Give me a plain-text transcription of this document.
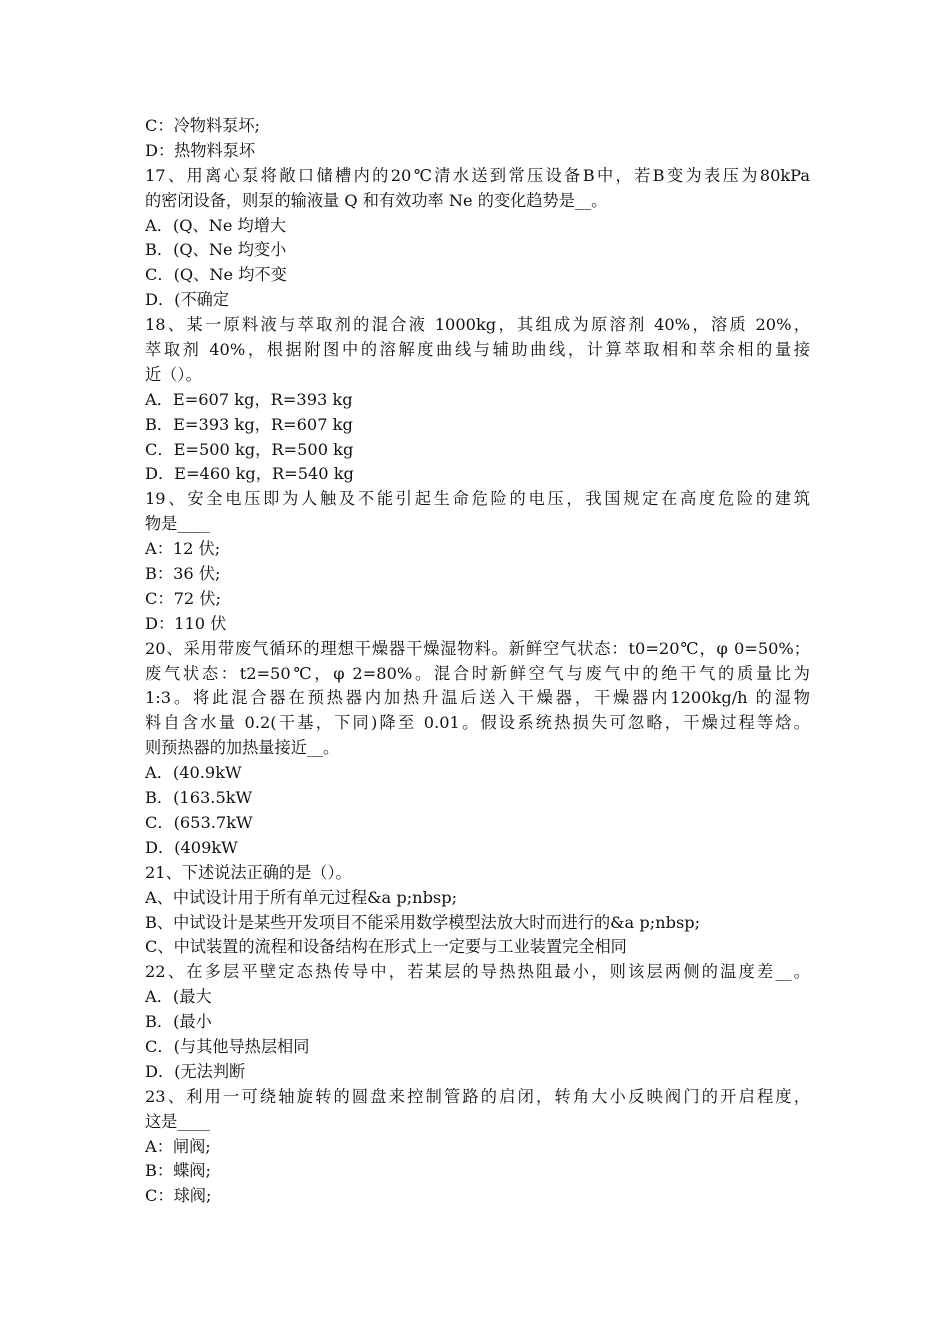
C：冷物料泵坏;
D：热物料泵坏
17、用离心泵将敞口储槽内的20℃清水送到常压设备B中，若B变为表压为80kPa
的密闭设备，则泵的输液量 Q 和有效功率 Ne 的变化趋势是__。
A．(Q、Ne 均增大
B．(Q、Ne 均变小
C．(Q、Ne 均不变
D．(不确定
18、某一原料液与萃取剂的混合液 1000kg，其组成为原溶剂 40%，溶质 20%，
萃取剂 40%，根据附图中的溶解度曲线与辅助曲线，计算萃取相和萃余相的量接
近（）。
A．E=607 kg，R=393 kg
B．E=393 kg，R=607 kg
C．E=500 kg，R=500 kg
D．E=460 kg，R=540 kg
19、安全电压即为人触及不能引起生命危险的电压，我国规定在高度危险的建筑
物是____
A：12 伏;
B：36 伏;
C：72 伏;
D：110 伏
20、采用带废气循环的理想干燥器干燥湿物料。新鲜空气状态：t0=20℃，φ 0=50%；
废气状态：t2=50℃，φ 2=80%。混合时新鲜空气与废气中的绝干气的质量比为
1:3。将此混合器在预热器内加热升温后送入干燥器，干燥器内1200kg/h 的湿物
料自含水量 0.2(干基，下同)降至 0.01。假设系统热损失可忽略，干燥过程等焓。
则预热器的加热量接近__。
A．(40.9kW
B．(163.5kW
C．(653.7kW
D．(409kW
21、下述说法正确的是（）。
A、中试设计用于所有单元过程&a p;nbsp;
B、中试设计是某些开发项目不能采用数学模型法放大时而进行的&a p;nbsp;
C、中试装置的流程和设备结构在形式上一定要与工业装置完全相同
22、在多层平壁定态热传导中，若某层的导热热阻最小，则该层两侧的温度差__。
A．(最大
B．(最小
C．(与其他导热层相同
D．(无法判断
23、利用一可绕轴旋转的圆盘来控制管路的启闭，转角大小反映阀门的开启程度，
这是____
A：闸阀;
B：蝶阀;
C：球阀;
